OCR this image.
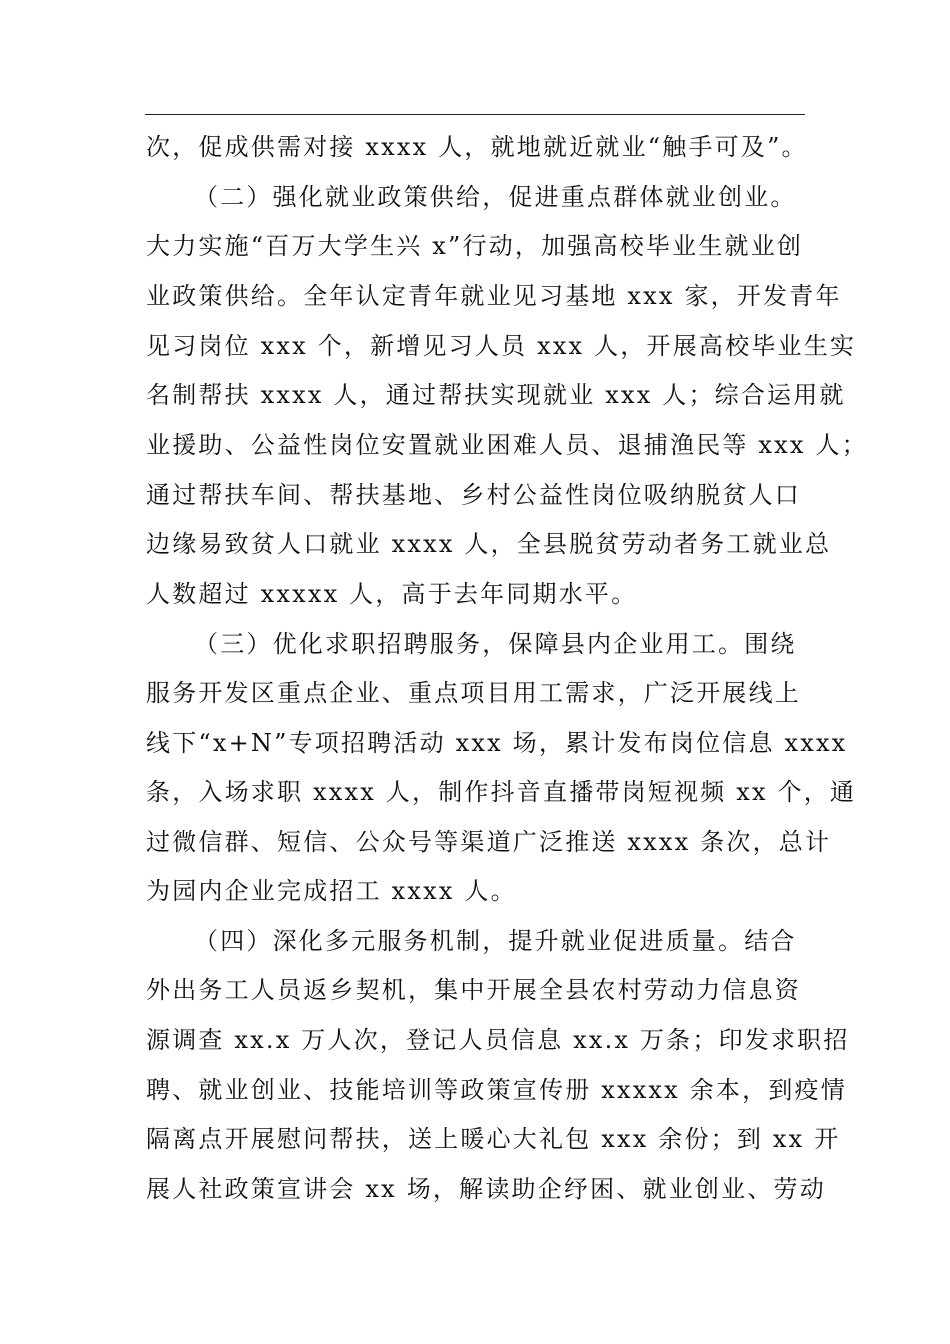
次，促成供需对接 xxxx 人，就地就近就业“触手可及”。
（二）强化就业政策供给，促进重点群体就业创业。
大力实施“百万大学生兴 x”行动，加强高校毕业生就业创
业政策供给。全年认定青年就业见习基地 xxx 家，开发青年
见习岗位 xxx 个，新增见习人员 xxx 人，开展高校毕业生实
名制帮扶 xxxx 人，通过帮扶实现就业 xxx 人；综合运用就
业援助、公益性岗位安置就业困难人员、退捕渔民等 xxx 人；
通过帮扶车间、帮扶基地、乡村公益性岗位吸纳脱贫人口
边缘易致贫人口就业 xxxx 人，全县脱贫劳动者务工就业总
人数超过 xxxxx 人，高于去年同期水平。
（三）优化求职招聘服务，保障县内企业用工。围绕
服务开发区重点企业、重点项目用工需求，广泛开展线上
线下“x+N”专项招聘活动 xxx 场，累计发布岗位信息 xxxx
条，入场求职 xxxx 人，制作抖音直播带岗短视频 xx 个，通
过微信群、短信、公众号等渠道广泛推送 xxxx 条次，总计
为园内企业完成招工 xxxx 人。
（四）深化多元服务机制，提升就业促进质量。结合
外出务工人员返乡契机，集中开展全县农村劳动力信息资
源调查 xx.x 万人次，登记人员信息 xx.x 万条；印发求职招
聘、就业创业、技能培训等政策宣传册 xxxxx 余本，到疫情
隔离点开展慰问帮扶，送上暖心大礼包 xxx 余份；到 xx 开
展人社政策宣讲会 xx 场，解读助企纾困、就业创业、劳动
